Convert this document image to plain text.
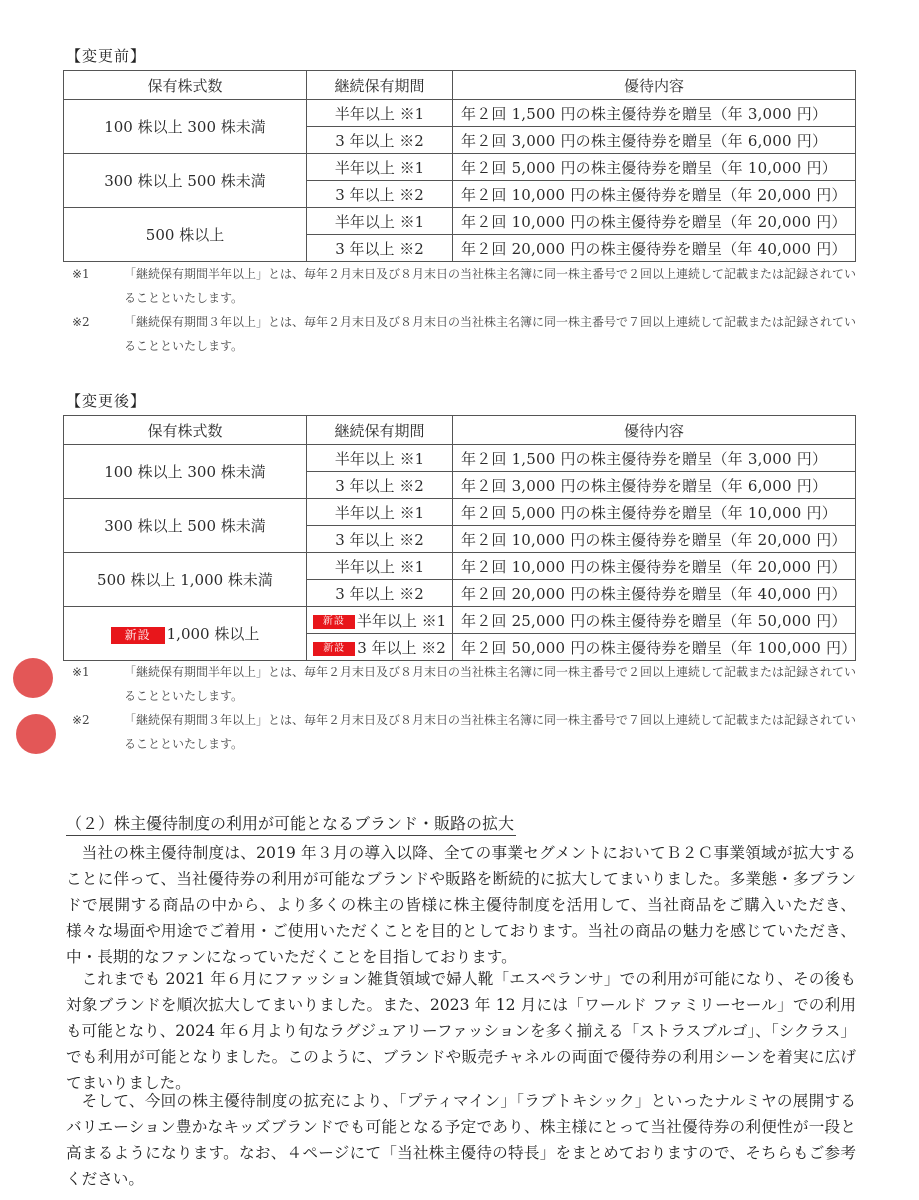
【変更前】
保有株式数	継続保有期間	優待内容
100 株以上 300 株未満	半年以上 ※1	年２回 1,500 円の株主優待券を贈呈（年 3,000 円）
	3 年以上 ※2	年２回 3,000 円の株主優待券を贈呈（年 6,000 円）
300 株以上 500 株未満	半年以上 ※1	年２回 5,000 円の株主優待券を贈呈（年 10,000 円）
	3 年以上 ※2	年２回 10,000 円の株主優待券を贈呈（年 20,000 円）
500 株以上	半年以上 ※1	年２回 10,000 円の株主優待券を贈呈（年 20,000 円）
	3 年以上 ※2	年２回 20,000 円の株主優待券を贈呈（年 40,000 円）
※1	「継続保有期間半年以上」とは、毎年２月末日及び８月末日の当社株主名簿に同一株主番号で２回以上連続して記載または記録されていることといたします。
※2	「継続保有期間３年以上」とは、毎年２月末日及び８月末日の当社株主名簿に同一株主番号で７回以上連続して記載または記録されていることといたします。
【変更後】
保有株式数	継続保有期間	優待内容
100 株以上 300 株未満	半年以上 ※1	年２回 1,500 円の株主優待券を贈呈（年 3,000 円）
	3 年以上 ※2	年２回 3,000 円の株主優待券を贈呈（年 6,000 円）
300 株以上 500 株未満	半年以上 ※1	年２回 5,000 円の株主優待券を贈呈（年 10,000 円）
	3 年以上 ※2	年２回 10,000 円の株主優待券を贈呈（年 20,000 円）
500 株以上 1,000 株未満	半年以上 ※1	年２回 10,000 円の株主優待券を贈呈（年 20,000 円）
	3 年以上 ※2	年２回 20,000 円の株主優待券を贈呈（年 40,000 円）
新設 1,000 株以上	新設 半年以上 ※1	年２回 25,000 円の株主優待券を贈呈（年 50,000 円）
	新設 3 年以上 ※2	年２回 50,000 円の株主優待券を贈呈（年 100,000 円）
※1	「継続保有期間半年以上」とは、毎年２月末日及び８月末日の当社株主名簿に同一株主番号で２回以上連続して記載または記録されていることといたします。
※2	「継続保有期間３年以上」とは、毎年２月末日及び８月末日の当社株主名簿に同一株主番号で７回以上連続して記載または記録されていることといたします。
（２）株主優待制度の利用が可能となるブランド・販路の拡大
当社の株主優待制度は、2019 年３月の導入以降、全ての事業セグメントにおいてＢ２Ｃ事業領域が拡大することに伴って、当社優待券の利用が可能なブランドや販路を断続的に拡大してまいりました。多業態・多ブランドで展開する商品の中から、より多くの株主の皆様に株主優待制度を活用して、当社商品をご購入いただき、様々な場面や用途でご着用・ご使用いただくことを目的としております。当社の商品の魅力を感じていただき、中・長期的なファンになっていただくことを目指しております。
これまでも 2021 年６月にファッション雑貨領域で婦人靴「エスペランサ」での利用が可能になり、その後も対象ブランドを順次拡大してまいりました。また、2023 年 12 月には「ワールド ファミリーセール」での利用も可能となり、2024 年６月より旬なラグジュアリーファッションを多く揃える「ストラスブルゴ」、「シクラス」でも利用が可能となりました。このように、ブランドや販売チャネルの両面で優待券の利用シーンを着実に広げてまいりました。
そして、今回の株主優待制度の拡充により、「プティマイン」「ラブトキシック」といったナルミヤの展開するバリエーション豊かなキッズブランドでも可能となる予定であり、株主様にとって当社優待券の利便性が一段と高まるようになります。なお、４ページにて「当社株主優待の特長」をまとめておりますので、そちらもご参考ください。
